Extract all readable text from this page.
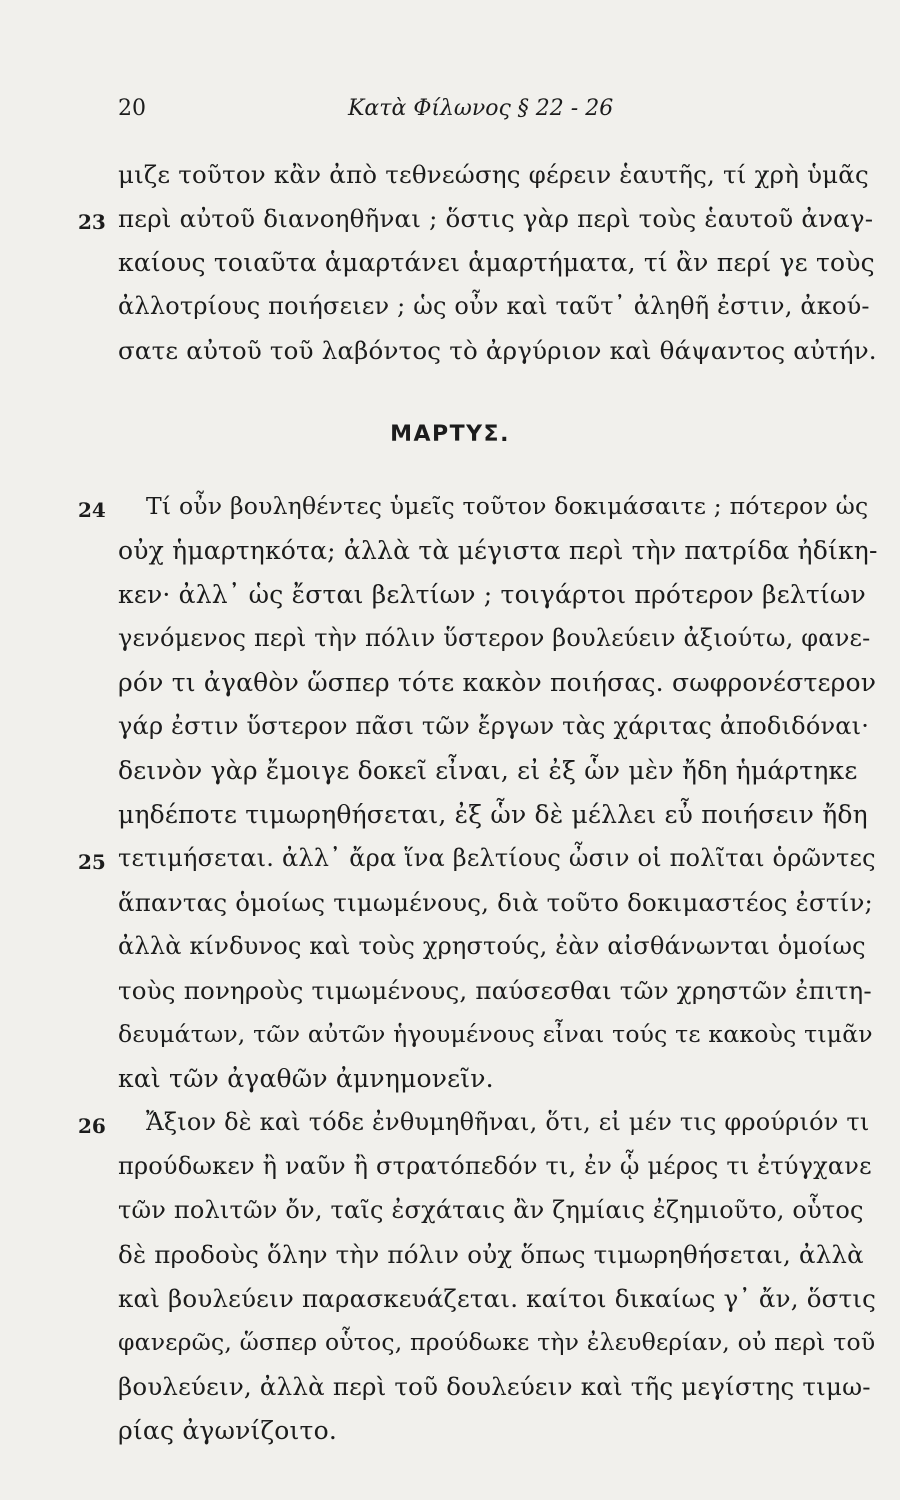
20	Κατὰ Φίλωνος § 22 - 26
μιζε τοῦτον κἂν ἀπὸ τεθνεώσης φέρειν ἑαυτῆς, τί χρὴ ὑμᾶς
περὶ αὐτοῦ διανοηθῆναι ; ὅστις γὰρ περὶ τοὺς ἑαυτοῦ ἀναγ-
καίους τοιαῦτα ἁμαρτάνει ἁμαρτήματα, τί ἂν περί γε τοὺς
ἀλλοτρίους ποιήσειεν ; ὡς οὖν καὶ ταῦτ᾿ ἀληθῆ ἐστιν, ἀκού-
σατε αὐτοῦ τοῦ λαβόντος τὸ ἀργύριον καὶ θάψαντος αὐτήν.
ΜΑΡΤΥΣ.
Τί οὖν βουληθέντες ὑμεῖς τοῦτον δοκιμάσαιτε ; πότερον ὡς
οὐχ ἡμαρτηκότα; ἀλλὰ τὰ μέγιστα περὶ τὴν πατρίδα ἠδίκη-
κεν· ἀλλ᾿ ὡς ἔσται βελτίων ; τοιγάρτοι πρότερον βελτίων
γενόμενος περὶ τὴν πόλιν ὕστερον βουλεύειν ἀξιούτω, φανε-
ρόν τι ἀγαθὸν ὥσπερ τότε κακὸν ποιήσας. σωφρονέστερον
γάρ ἐστιν ὕστερον πᾶσι τῶν ἔργων τὰς χάριτας ἀποδιδόναι·
δεινὸν γὰρ ἔμοιγε δοκεῖ εἶναι, εἰ ἐξ ὧν μὲν ἤδη ἡμάρτηκε
μηδέποτε τιμωρηθήσεται, ἐξ ὧν δὲ μέλλει εὖ ποιήσειν ἤδη
τετιμήσεται. ἀλλ᾿ ἄρα ἵνα βελτίους ὦσιν οἱ πολῖται ὁρῶντες
ἅπαντας ὁμοίως τιμωμένους, διὰ τοῦτο δοκιμαστέος ἐστίν;
ἀλλὰ κίνδυνος καὶ τοὺς χρηστούς, ἐὰν αἰσθάνωνται ὁμοίως
τοὺς πονηροὺς τιμωμένους, παύσεσθαι τῶν χρηστῶν ἐπιτη-
δευμάτων, τῶν αὐτῶν ἡγουμένους εἶναι τούς τε κακοὺς τιμᾶν
καὶ τῶν ἀγαθῶν ἀμνημονεῖν.
Ἄξιον δὲ καὶ τόδε ἐνθυμηθῆναι, ὅτι, εἰ μέν τις φρούριόν τι
προύδωκεν ἢ ναῦν ἢ στρατόπεδόν τι, ἐν ᾧ μέρος τι ἐτύγχανε
τῶν πολιτῶν ὄν, ταῖς ἐσχάταις ἂν ζημίαις ἐζημιοῦτο, οὗτος
δὲ προδοὺς ὅλην τὴν πόλιν οὐχ ὅπως τιμωρηθήσεται, ἀλλὰ
καὶ βουλεύειν παρασκευάζεται. καίτοι δικαίως γ᾿ ἄν, ὅστις
φανερῶς, ὥσπερ οὗτος, προύδωκε τὴν ἐλευθερίαν, οὐ περὶ τοῦ
βουλεύειν, ἀλλὰ περὶ τοῦ δουλεύειν καὶ τῆς μεγίστης τιμω-
ρίας ἀγωνίζοιτο.
23
24
25
26
